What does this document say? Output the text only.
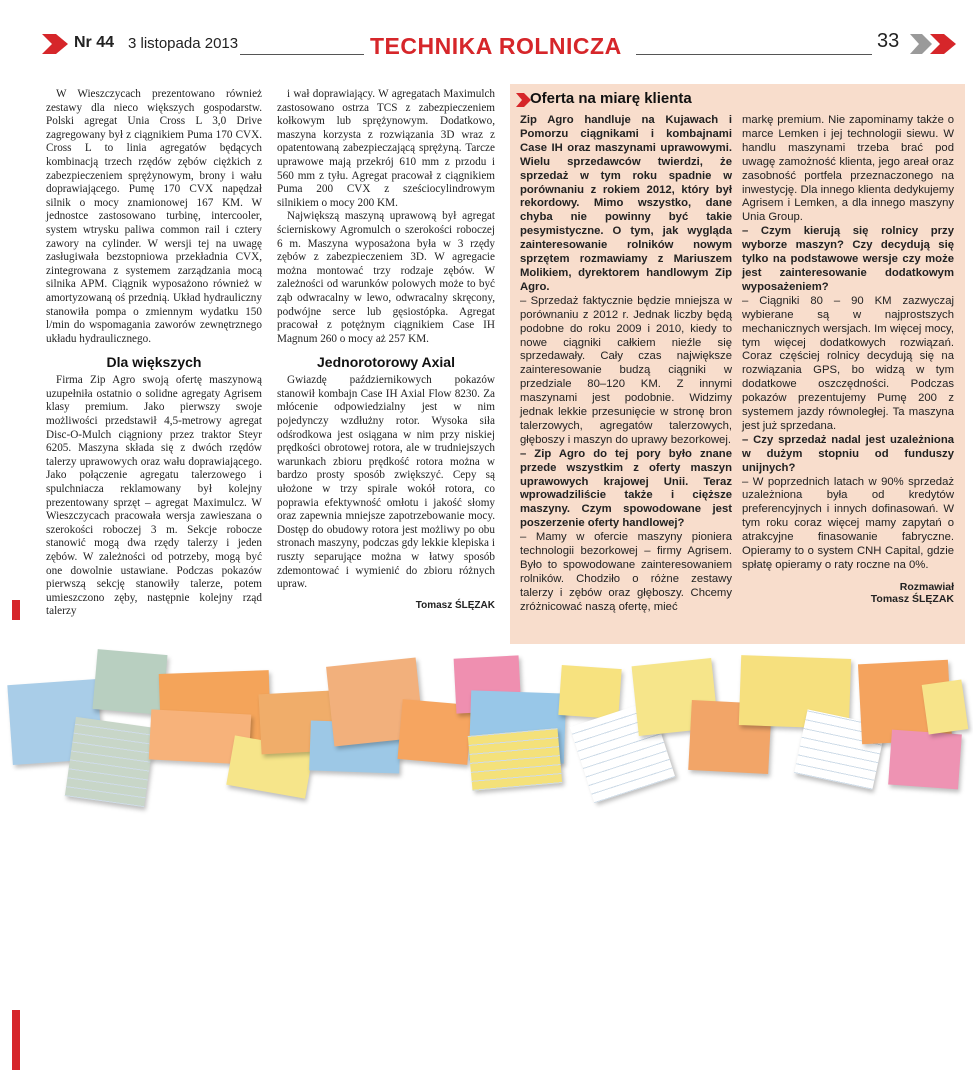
Nr 44 3 listopada 2013	TECHNIKA ROLNICZA	33

W Wieszczycach prezentowano również zestawy dla nieco większych gospodarstw. Polski agregat Unia Cross L 3,0 Drive zagregowany był z ciągnikiem Puma 170 CVX. Cross L to linia agregatów będących kombinacją trzech rzędów zębów ciężkich z zabezpieczeniem sprężynowym, brony i wału doprawiającego. Pumę 170 CVX napędzał silnik o mocy znamionowej 167 KM. W jednostce zastosowano turbinę, intercooler, system wtrysku paliwa common rail i cztery zawory na cylinder. W wersji tej na uwagę zasługiwała bezstopniowa przekładnia CVX, zintegrowana z systemem zarządzania mocą silnika APM. Ciągnik wyposażono również w amortyzowaną oś przednią. Układ hydrauliczny stanowiła pompa o zmiennym wydatku 150 l/min do wspomagania zaworów zewnętrznego układu hydraulicznego.

Dla większych

Firma Zip Agro swoją ofertę maszynową uzupełniła ostatnio o solidne agregaty Agrisem klasy premium. Jako pierwszy swoje możliwości przedstawił 4,5-metrowy agregat Disc-O-Mulch ciągniony przez traktor Steyr 6205. Maszyna składa się z dwóch rzędów talerzy uprawowych oraz wału doprawiającego. Jako połączenie agregatu talerzowego i spulchniacza reklamowany był kolejny prezentowany sprzęt – agregat Maximulcz. W Wieszczycach pracowała wersja zawieszana o szerokości roboczej 3 m. Sekcje robocze stanowić mogą dwa rzędy talerzy i jeden zębów. W zależności od potrzeby, mogą być one dowolnie ustawiane. Podczas pokazów pierwszą sekcję stanowiły talerze, potem umieszczono zęby, następnie kolejny rząd talerzy

i wał doprawiający. W agregatach Maximulch zastosowano ostrza TCS z zabezpieczeniem kołkowym lub sprężynowym. Dodatkowo, maszyna korzysta z rozwiązania 3D wraz z opatentowaną zabezpieczającą sprężyną. Tarcze uprawowe mają przekrój 610 mm z przodu i 560 mm z tyłu. Agregat pracował z ciągnikiem Puma 200 CVX z sześciocylindrowym silnikiem o mocy 200 KM.

Największą maszyną uprawową był agregat ścierniskowy Agromulch o szerokości roboczej 6 m. Maszyna wyposażona była w 3 rzędy zębów z zabezpieczeniem 3D. W agregacie można montować trzy rodzaje zębów. W zależności od warunków polowych może to być ząb odwracalny w lewo, odwracalny skręcony, podwójne serce lub gęsiostópka. Agregat pracował z potężnym ciągnikiem Case IH Magnum 260 o mocy aż 257 KM.

Jednorotorowy Axial

Gwiazdę październikowych pokazów stanowił kombajn Case IH Axial Flow 8230. Za młócenie odpowiedzialny jest w nim pojedynczy wzdłużny rotor. Wysoka siła odśrodkowa jest osiągana w nim przy niskiej prędkości obrotowej rotora, ale w trudniejszych warunkach zbioru prędkość rotora można w bardzo prosty sposób zwiększyć. Cepy są ułożone w trzy spirale wokół rotora, co poprawia efektywność omłotu i jakość słomy oraz zapewnia mniejsze zapotrzebowanie mocy. Dostęp do obudowy rotora jest możliwy po obu stronach maszyny, podczas gdy lekkie klepiska i ruszty separujące można w łatwy sposób zdemontować i wymienić do zbioru różnych upraw.

Tomasz ŚLĘZAK
Oferta na miarę klienta

Zip Agro handluje na Kujawach i Pomorzu ciągnikami i kombajnami Case IH oraz maszynami uprawowymi. Wielu sprzedawców twierdzi, że sprzedaż w tym roku spadnie w porównaniu z rokiem 2012, który był rekordowy. Mimo wszystko, dane chyba nie powinny być takie pesymistyczne. O tym, jak wygląda zainteresowanie rolników nowym sprzętem rozmawiamy z Mariuszem Molikiem, dyrektorem handlowym Zip Agro.

– Sprzedaż faktycznie będzie mniejsza w porównaniu z 2012 r. Jednak liczby będą podobne do roku 2009 i 2010, kiedy to nowe ciągniki całkiem nieźle się sprzedawały. Cały czas największe zainteresowanie budzą ciągniki w przedziale 80–120 KM. Z innymi maszynami jest podobnie. Widzimy jednak lekkie przesunięcie w stronę bron talerzowych, agregatów talerzowych, głęboszy i maszyn do uprawy bezorkowej.

– Zip Agro do tej pory było znane przede wszystkim z oferty maszyn uprawowych krajowej Unii. Teraz wprowadziliście także i cięższe maszyny. Czym spowodowane jest poszerzenie oferty handlowej?

– Mamy w ofercie maszyny pioniera technologii bezorkowej – firmy Agrisem. Było to spowodowane zainteresowaniem rolników. Chodziło o różne zestawy talerzy i zębów oraz głęboszy. Chcemy zróżnicować naszą ofertę, mieć

markę premium. Nie zapominamy także o marce Lemken i jej technologii siewu. W handlu maszynami trzeba brać pod uwagę zamożność klienta, jego areał oraz zasobność portfela przeznaczonego na inwestycję. Dla innego klienta dedykujemy Agrisem i Lemken, a dla innego maszyny Unia Group.

– Czym kierują się rolnicy przy wyborze maszyn? Czy decydują się tylko na podstawowe wersje czy może jest zainteresowanie dodatkowym wyposażeniem?

– Ciągniki 80 – 90 KM zazwyczaj wybierane są w najprostszych mechanicznych wersjach. Im więcej mocy, tym więcej dodatkowych rozwiązań. Coraz częściej rolnicy decydują się na rozwiązania GPS, bo widzą w tym dodatkowe oszczędności. Podczas pokazów prezentujemy Pumę 200 z systemem jazdy równoległej. Ta maszyna jest już sprzedana.

– Czy sprzedaż nadal jest uzależniona w dużym stopniu od funduszy unijnych?

– W poprzednich latach w 90% sprzedaż uzależniona była od kredytów preferencyjnych i innych dofinasowań. W tym roku coraz więcej mamy zapytań o atrakcyjne finasowanie fabryczne. Opieramy to o system CNH Capital, gdzie spłatę opieramy o raty roczne na 0%.

Rozmawiał
Tomasz ŚLĘZAK
